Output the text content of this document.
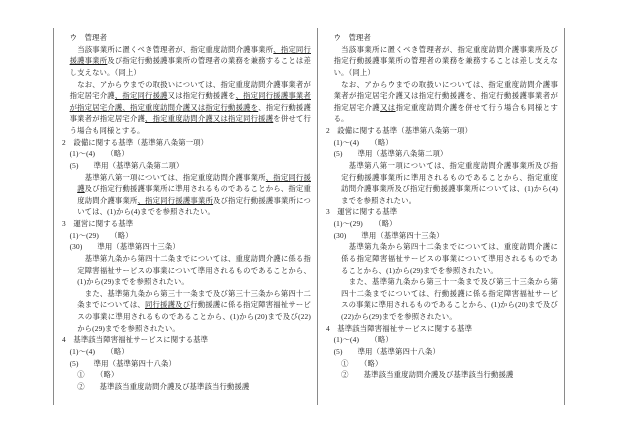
ウ　 管理者

当該事業所に置くべき管理者が、指定重度訪問介護事業所、指定同行援護事業所及び指定行動援護事業所の管理者の業務を兼務することは差し支えない。（同上）

なお、アからウまでの取扱いについては、指定重度訪問介護事業者が指定居宅介護、指定同行援護又は指定行動援護を、指定同行援護事業者が指定居宅介護、指定重度訪問介護又は指定行動援護を、指定行動援護事業者が指定居宅介護、指定重度訪問介護又は指定同行援護を併せて行う場合も同様とする。

2　 設備に関する基準（基準第八条第一項）

(1)～(4)　　 （略）

(5)　　 準用（基準第八条第二項）

基準第八第一項については、指定重度訪問介護事業所、指定同行援護及び指定行動援護事業所に準用されるものであることから、指定重度訪問介護事業所、指定同行援護事業所及び指定行動援護事業所については、(1)から(4)までを参照されたい。

3　 運営に関する基準

(1)～(29)　　 （略）

(30)　　 準用（基準第四十三条）

基準第九条から第四十二条までについては、重度訪問介護に係る指定障害福祉サービスの事業について準用されるものであることから、(1)から(29)までを参照されたい。

また、基準第九条から第三十一条まで及び第三十三条から第四十二条までについては、同行援護及び行動援護に係る指定障害福祉サービスの事業に準用されるものであることから、(1)から(20)まで及び(22)から(29)までを参照されたい。

4　 基準該当障害福祉サービスに関する基準

(1)～(4)　　 （略）

(5)　　 準用（基準第四十八条）

①　　 （略）

②　　 基準該当重度訪問介護及び基準該当行動援護

ウ　 管理者

当該事業所に置くべき管理者が、指定重度訪問介護事業所及び指定行動援護事業所の管理者の業務を兼務することは差し支えない。（同上）

なお、アからウまでの取扱いについては、指定重度訪問介護事業者が指定居宅介護又は指定行動援護を、指定行動援護事業者が指定居宅介護又は指定重度訪問介護を併せて行う場合も同様とする。

2　 設備に関する基準（基準第八条第一項）

(1)～(4)　　 （略）

(5)　　 準用（基準第八条第二項）

基準第八第一項については、指定重度訪問介護事業所及び指定行動援護事業所に準用されるものであることから、指定重度訪問介護事業所及び指定行動援護事業所については、(1)から(4)までを参照されたい。

3　 運営に関する基準

(1)～(29)　　 （略）

(30)　　 準用（基準第四十三条）

基準第九条から第四十二条までについては、重度訪問介護に係る指定障害福祉サービスの事業について準用されるものであることから、(1)から(29)までを参照されたい。

また、基準第九条から第三十一条まで及び第三十三条から第四十二条までについては、行動援護に係る指定障害福祉サービスの事業に準用されるものであることから、(1)から(20)まで及び(22)から(29)までを参照されたい。

4　 基準該当障害福祉サービスに関する基準

(1)～(4)　　 （略）

(5)　　 準用（基準第四十八条）

①　　 （略）

②　　 基準該当重度訪問介護及び基準該当行動援護
